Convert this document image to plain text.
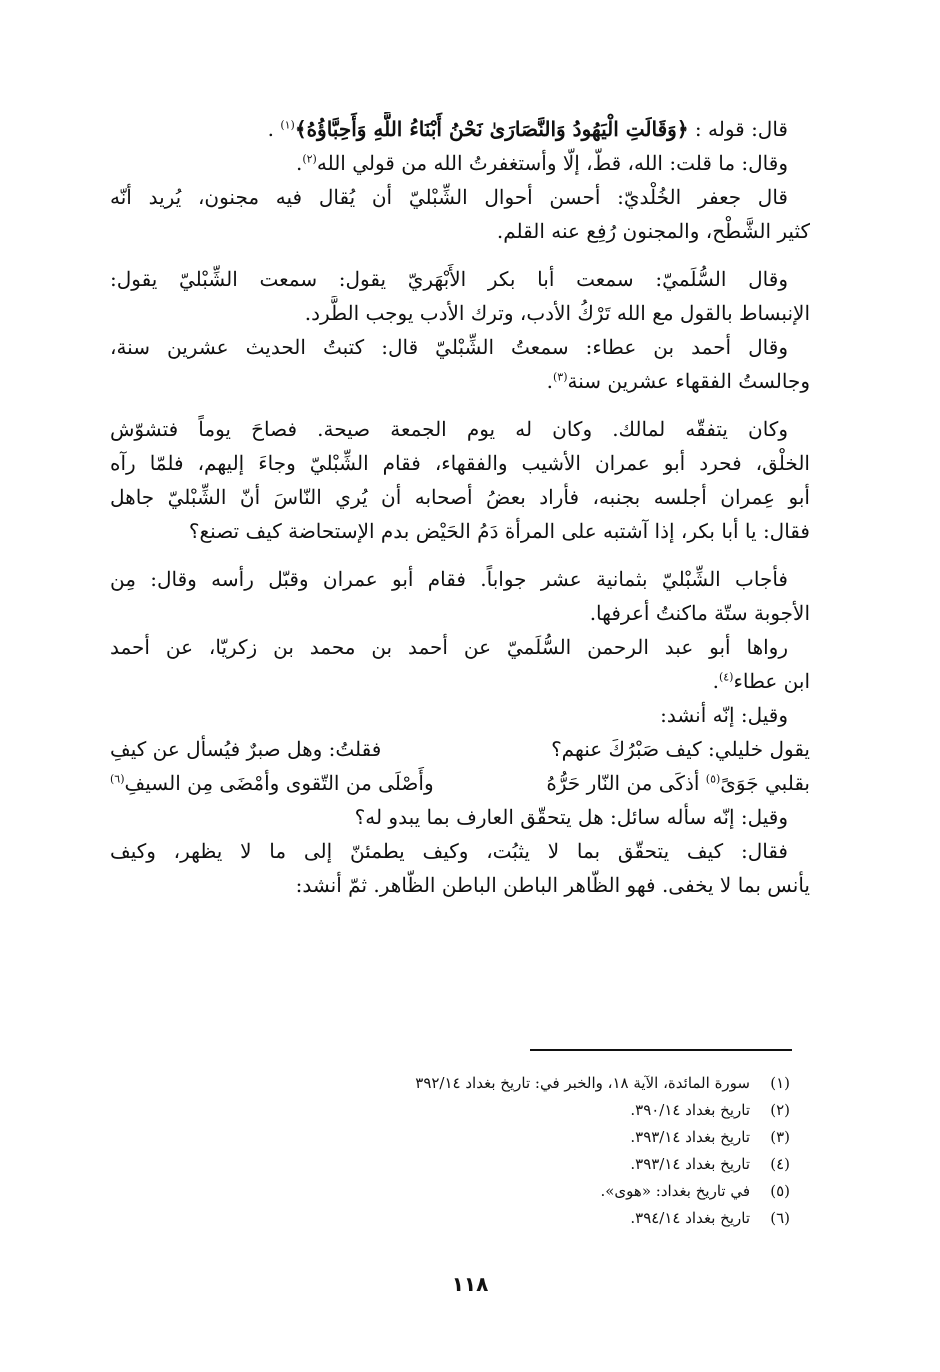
قال: قوله : ﴿وَقَالَتِ الْيَهُودُ وَالنَّصَارَىٰ نَحْنُ أَبْنَاءُ اللَّهِ وَأَحِبَّاؤُهُ﴾$^{(١)}$ .
وقال: ما قلت: الله، قطّ، إلّا وأستغفرتُ الله من قولي الله$^{(٢)}$.
قال جعفر الخُلْديّ: أحسن أحوال الشِّبْليّ أن يُقال فيه مجنون، يُريد أنّه
كثير الشَّطْح، والمجنون رُفِع عنه القلم.
وقال السُّلَميّ: سمعت أبا بكر الأَبْهَريّ يقول: سمعت الشِّبْليّ يقول:
الإنبساط بالقول مع الله تَرْكُ الأدب، وترك الأدب يوجب الطَّرد.
وقال أحمد بن عطاء: سمعتُ الشِّبْليّ قال: كتبتُ الحديث عشرين سنة،
وجالستُ الفقهاء عشرين سنة$^{(٣)}$.
وكان يتفقّه لمالك. وكان له يوم الجمعة صيحة. فصاحَ يوماً فتشوّش
الخلْق، فحرد أبو عمران الأشيب والفقهاء، فقام الشِّبْليّ وجاءَ إليهم، فلمّا رآه
أبو عِمران أجلسه بجنبه، فأراد بعضُ أصحابه أن يُري النّاسَ أنّ الشِّبْليّ جاهل
فقال: يا أبا بكر، إذا آشتبه على المرأة دَمُ الحَيْض بدم الإستحاضة كيف تصنع؟
فأجاب الشِّبْليّ بثمانية عشر جواباً. فقام أبو عمران وقبّل رأسه وقال: مِن
الأجوبة ستّة ماكنتُ أعرفها.
رواها أبو عبد الرحمن السُّلَميّ عن أحمد بن محمد بن زكريّا، عن أحمد
ابن عطاء$^{(٤)}$.
وقيل: إنّه أنشد:
يقول خليلي: كيف صَبْرُكَ عنهم؟
فقلتُ: وهل صبرٌ فيُسأل عن كيفِ
بقلبي جَوَىً$^{(٥)}$ أذكَى من النّار حَرُّهُ
وأَصْلَى من التّقوى وأمْضَى مِن السيفِ$^{(٦)}$
وقيل: إنّه سأله سائل: هل يتحقّق العارف بما يبدو له؟
فقال: كيف يتحقّق بما لا يثبُت، وكيف يطمئنّ إلى ما لا يظهر، وكيف
يأنس بما لا يخفى. فهو الظّاهر الباطن الباطن الظّاهر. ثمّ أنشد:
(١)
سورة المائدة، الآية ١٨، والخبر في: تاريخ بغداد ٣٩٢/١٤
(٢)
تاريخ بغداد ٣٩٠/١٤.
(٣)
تاريخ بغداد ٣٩٣/١٤.
(٤)
تاريخ بغداد ٣٩٣/١٤.
(٥)
في تاريخ بغداد: «هوى».
(٦)
تاريخ بغداد ٣٩٤/١٤.
١١٨
